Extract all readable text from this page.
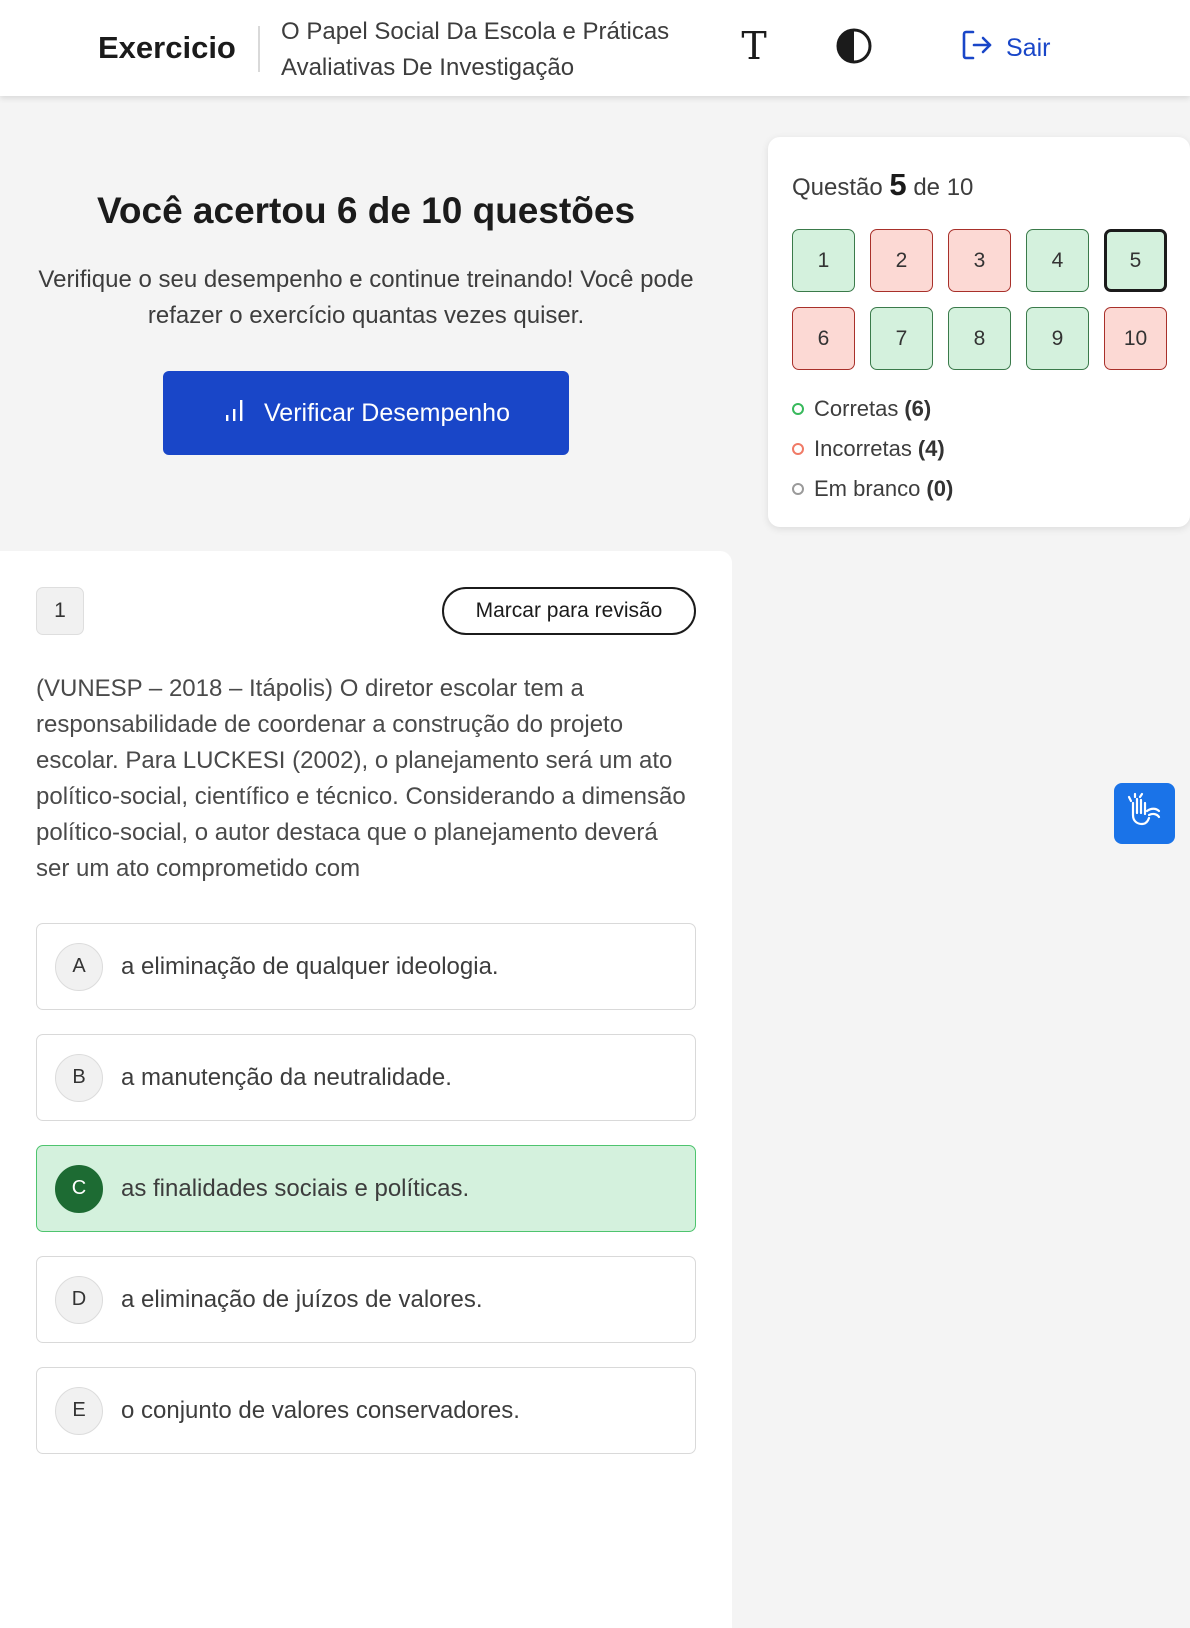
Exercicio O Papel Social Da Escola e Práticas Avaliativas De Investigação	T	Sair
Você acertou 6 de 10 questões

Verifique o seu desempenho e continue treinando! Você pode refazer o exercício quantas vezes quiser.

Verificar Desempenho
Questão 5 de 10
1	2	3	4	5
6	7	8	9	10
Corretas (6)
Incorretas (4)
Em branco (0)
1	Marcar para revisão

(VUNESP – 2018 – Itápolis) O diretor escolar tem a responsabilidade de coordenar a construção do projeto escolar. Para LUCKESI (2002), o planejamento será um ato político-social, científico e técnico. Considerando a dimensão político-social, o autor destaca que o planejamento deverá ser um ato comprometido com

A	a eliminação de qualquer ideologia.
B	a manutenção da neutralidade.
C	as finalidades sociais e políticas.
D	a eliminação de juízos de valores.
E	o conjunto de valores conservadores.
